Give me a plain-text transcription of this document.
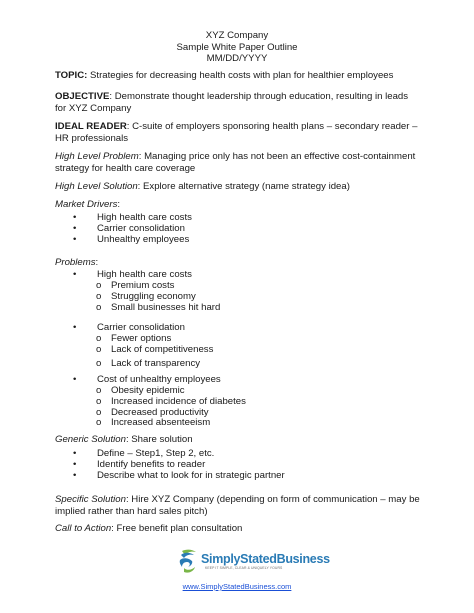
XYZ Company
Sample White Paper Outline
MM/DD/YYYY
TOPIC: Strategies for decreasing health costs with plan for healthier employees
OBJECTIVE: Demonstrate thought leadership through education, resulting in leads for XYZ Company
IDEAL READER: C-suite of employers sponsoring health plans – secondary reader – HR professionals
High Level Problem: Managing price only has not been an effective cost-containment strategy for health care coverage
High Level Solution: Explore alternative strategy (name strategy idea)
Market Drivers:
• High health care costs
• Carrier consolidation
• Unhealthy employees
Problems:
• High health care costs
o Premium costs
o Struggling economy
o Small businesses hit hard
• Carrier consolidation
o Fewer options
o Lack of competitiveness
o Lack of transparency
• Cost of unhealthy employees
o Obesity epidemic
o Increased incidence of diabetes
o Decreased productivity
o Increased absenteeism
Generic Solution: Share solution
• Define – Step1, Step 2, etc.
• Identify benefits to reader
• Describe what to look for in strategic partner
Specific Solution: Hire XYZ Company (depending on form of communication – may be implied rather than hard sales pitch)
Call to Action: Free benefit plan consultation
SimplyStatedBusiness
KEEP IT SIMPLE, CLEAR & UNIQUELY YOURS
www.SimplyStatedBusiness.com
